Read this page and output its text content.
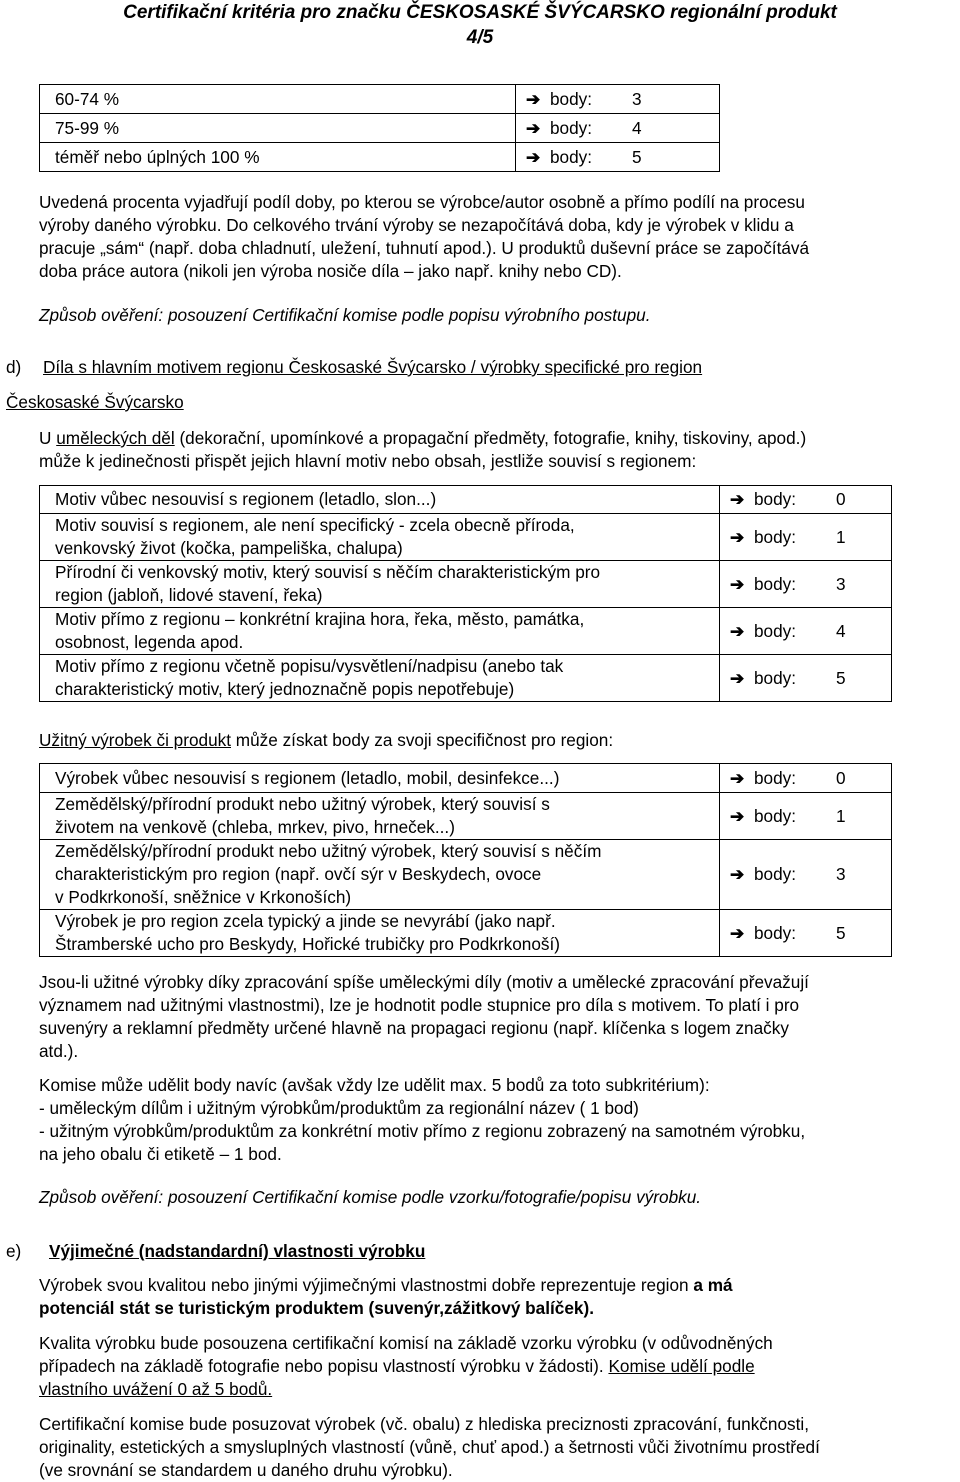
Certifikační kritéria pro značku ČESKOSASKÉ ŠVÝCARSKO regionální produkt
4/5
60-74 %	➔ body: 3
75-99 %	➔ body: 4
téměř nebo úplných 100 %	➔ body: 5
Uvedená procenta vyjadřují podíl doby, po kterou se výrobce/autor osobně a přímo podílí na procesu
výroby daného výrobku. Do celkového trvání výroby se nezapočítává doba, kdy je výrobek v klidu a
pracuje „sám“ (např. doba chladnutí, uležení, tuhnutí apod.). U produktů duševní práce se započítává
doba práce autora (nikoli jen výroba nosiče díla – jako např. knihy nebo CD).
Způsob ověření: posouzení Certifikační komise podle popisu výrobního postupu.
d) Díla s hlavním motivem regionu Českosaské Švýcarsko / výrobky specifické pro region
Českosaské Švýcarsko
U uměleckých děl (dekorační, upomínkové a propagační předměty, fotografie, knihy, tiskoviny, apod.)
může k jedinečnosti přispět jejich hlavní motiv nebo obsah, jestliže souvisí s regionem:
Motiv vůbec nesouvisí s regionem (letadlo, slon...)	➔ body: 0

Motiv souvisí s regionem, ale není specifický - zcela obecně příroda,
venkovský život (kočka, pampeliška, chalupa)	➔ body: 1

Přírodní či venkovský motiv, který souvisí s něčím charakteristickým pro
region (jabloň, lidové stavení, řeka)	➔ body: 3

Motiv přímo z regionu – konkrétní krajina hora, řeka, město, památka,
osobnost, legenda apod.	➔ body: 4

Motiv přímo z regionu včetně popisu/vysvětlení/nadpisu (anebo tak
charakteristický motiv, který jednoznačně popis nepotřebuje)	➔ body: 5
Užitný výrobek či produkt může získat body za svoji specifičnost pro region:
Výrobek vůbec nesouvisí s regionem (letadlo, mobil, desinfekce...)	➔ body: 0

Zemědělský/přírodní produkt nebo užitný výrobek, který souvisí s
životem na venkově (chleba, mrkev, pivo, hrneček...)	➔ body: 1

Zemědělský/přírodní produkt nebo užitný výrobek, který souvisí s něčím
charakteristickým pro region (např. ovčí sýr v Beskydech, ovoce
v Podkrkonoší, sněžnice v Krkonoších)	➔ body: 3

Výrobek je pro region zcela typický a jinde se nevyrábí (jako např.
Štramberské ucho pro Beskydy, Hořické trubičky pro Podkrkonoší)	➔ body: 5
Jsou-li užitné výrobky díky zpracování spíše uměleckými díly (motiv a umělecké zpracování převažují
významem nad užitnými vlastnostmi), lze je hodnotit podle stupnice pro díla s motivem. To platí i pro
suvenýry a reklamní předměty určené hlavně na propagaci regionu (např. klíčenka s logem značky
atd.).
Komise může udělit body navíc (avšak vždy lze udělit max. 5 bodů za toto subkritérium):
- uměleckým dílům i užitným výrobkům/produktům za regionální název ( 1 bod)
- užitným výrobkům/produktům za konkrétní motiv přímo z regionu zobrazený na samotném výrobku,
na jeho obalu či etiketě – 1 bod.
Způsob ověření: posouzení Certifikační komise podle vzorku/fotografie/popisu výrobku.
e) Výjimečné (nadstandardní) vlastnosti výrobku
Výrobek svou kvalitou nebo jinými výjimečnými vlastnostmi dobře reprezentuje region a má
potenciál stát se turistickým produktem (suvenýr,zážitkový balíček).
Kvalita výrobku bude posouzena certifikační komisí na základě vzorku výrobku (v odůvodněných
případech na základě fotografie nebo popisu vlastností výrobku v žádosti). Komise udělí podle
vlastního uvážení 0 až 5 bodů.
Certifikační komise bude posuzovat výrobek (vč. obalu) z hlediska preciznosti zpracování, funkčnosti,
originality, estetických a smysluplných vlastností (vůně, chuť apod.) a šetrnosti vůči životnímu prostředí
(ve srovnání se standardem u daného druhu výrobku).
